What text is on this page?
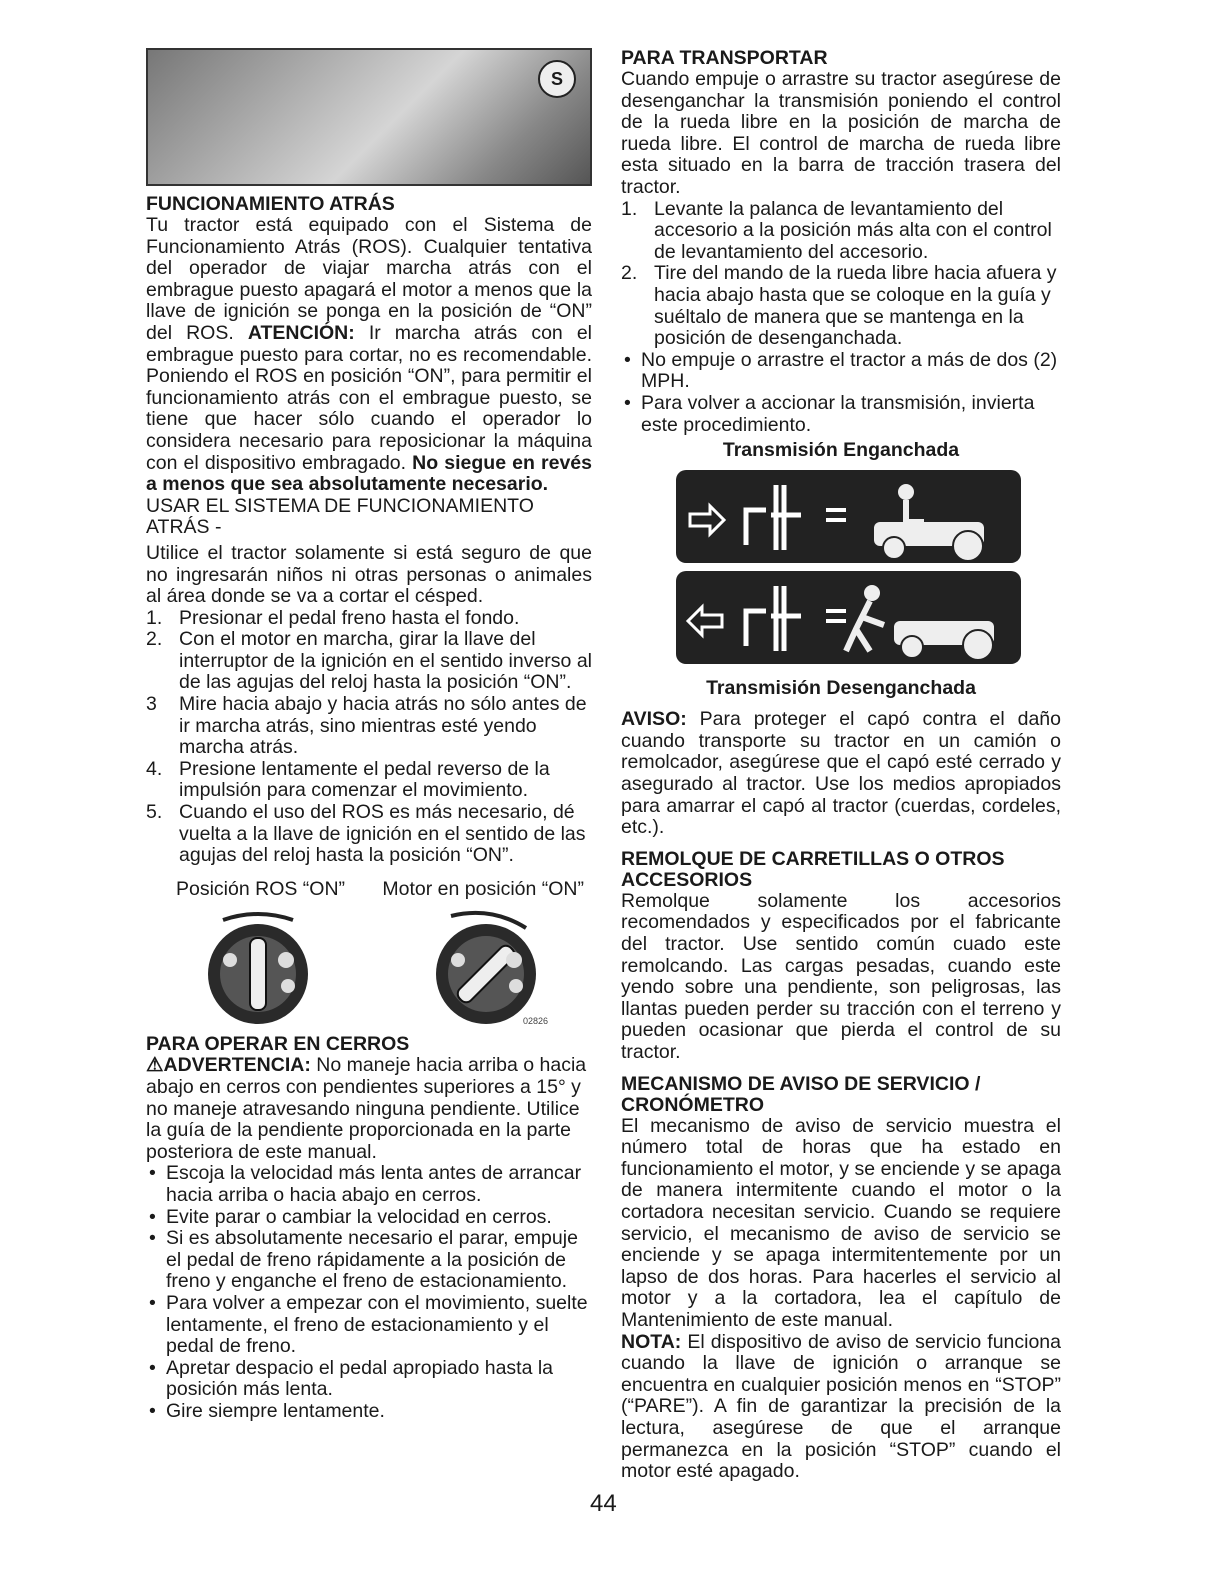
S
FUNCIONAMIENTO ATRÁS

Tu tractor está equipado con el Sistema de Funcionamiento Atrás (ROS). Cualquier tentativa del operador de viajar marcha atrás con el embrague puesto apagará el motor a menos que la llave de ignición se ponga en la posición de “ON” del ROS. ATENCIÓN: Ir marcha atrás con el embrague puesto para cortar, no es recomendable. Poniendo el ROS en posición “ON”, para permitir el funcionamiento atrás con el embrague puesto, se tiene que hacer sólo cuando el operador lo considera necesario para reposicionar la máquina con el dispositivo embragado. No siegue en revés a menos que sea absolutamente necesario.

USAR EL SISTEMA DE FUNCIONAMIENTO ATRÁS -

Utilice el tractor solamente si está seguro de que no ingresarán niños ni otras personas o animales al área donde se va a cortar el césped.

1. Presionar el pedal freno hasta el fondo.
2. Con el motor en marcha, girar la llave del interruptor de la ignición en el sentido inverso al de las agujas del reloj hasta la posición “ON”.
3 Mire hacia abajo y hacia atrás no sólo antes de ir marcha atrás, sino mientras esté yendo marcha atrás.
4. Presione lentamente el pedal reverso de la impulsión para comenzar el movimiento.
5. Cuando el uso del ROS es más necesario, dé vuelta a la llave de ignición en el sentido de las agujas del reloj hasta la posición “ON”.
Posición ROS “ON” Motor en posición “ON”
02826
PARA OPERAR EN CERROS

⚠ADVERTENCIA: No maneje hacia arriba o hacia abajo en cerros con pendientes superiores a 15° y no maneje atravesando ninguna pendiente. Utilice la guía de la pendiente proporcionada en la parte posteriora de este manual.

• Escoja la velocidad más lenta antes de arrancar hacia arriba o hacia abajo en cerros.
• Evite parar o cambiar la velocidad en cerros.
• Si es absolutamente necesario el parar, empuje el pedal de freno rápidamente a la posición de freno y enganche el freno de estacionamiento.
• Para volver a empezar con el movimiento, suelte lentamente, el freno de estacionamiento y el pedal de freno.
• Apretar despacio el pedal apropiado hasta la posición más lenta.
• Gire siempre lentamente.
PARA TRANSPORTAR

Cuando empuje o arrastre su tractor asegúrese de desenganchar la transmisión poniendo el control de la rueda libre en la posición de marcha de rueda libre. El control de marcha de rueda libre esta situado en la barra de tracción trasera del tractor.

1. Levante la palanca de levantamiento del accesorio a la posición más alta con el control de levantamiento del accesorio.
2. Tire del mando de la rueda libre hacia afuera y hacia abajo hasta que se coloque en la guía y suéltalo de manera que se mantenga en la posición de desenganchada.
• No empuje o arrastre el tractor a más de dos (2) MPH.
• Para volver a accionar la transmisión, invierta este procedimiento.
Transmisión Enganchada
Transmisión Desenganchada

AVISO: Para proteger el capó contra el daño cuando transporte su tractor en un camión o remolcador, asegúrese que el capó esté cerrado y asegurado al tractor. Use los medios apropiados para amarrar el capó al tractor (cuerdas, cordeles, etc.).

REMOLQUE DE CARRETILLAS O OTROS ACCESORIOS

Remolque solamente los accesorios recomendados y especificados por el fabricante del tractor. Use sentido común cuado este remolcando. Las cargas pesadas, cuando este yendo sobre una pendiente, son peligrosas, las llantas pueden perder su tracción con el terreno y pueden ocasionar que pierda el control de su tractor.

MECANISMO DE AVISO DE SERVICIO / CRONÓMETRO

El mecanismo de aviso de servicio muestra el número total de horas que ha estado en funcionamiento el motor, y se enciende y se apaga de manera intermitente cuando el motor o la cortadora necesitan servicio. Cuando se requiere servicio, el mecanismo de aviso de servicio se enciende y se apaga intermitentemente por un lapso de dos horas. Para hacerles el servicio al motor y a la cortadora, lea el capítulo de Mantenimiento de este manual.

NOTA: El dispositivo de aviso de servicio funciona cuando la llave de ignición o arranque se encuentra en cualquier posición menos en “STOP” (“PARE”). A fin de garantizar la precisión de la lectura, asegúrese de que el arranque permanezca en la posición “STOP” cuando el motor esté apagado.

44
